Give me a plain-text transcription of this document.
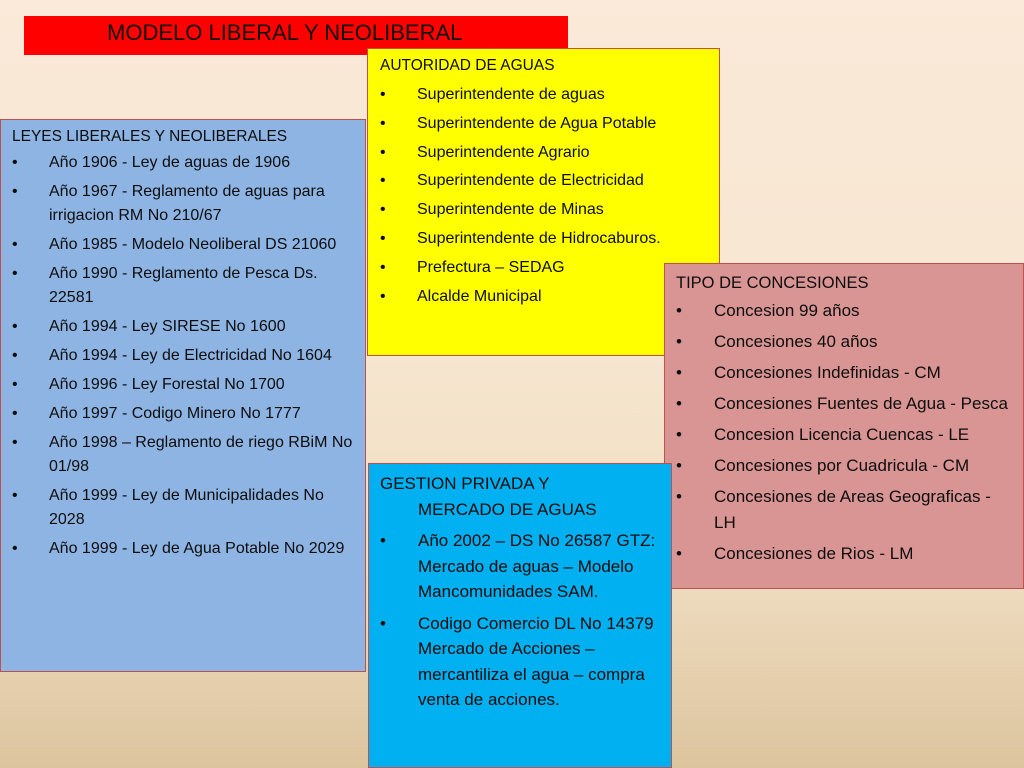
MODELO LIBERAL Y NEOLIBERAL
AUTORIDAD DE AGUAS
• Superintendente de aguas
• Superintendente de Agua Potable
• Superintendente Agrario
• Superintendente de Electricidad
• Superintendente de Minas
• Superintendente de Hidrocaburos.
• Prefectura – SEDAG
• Alcalde Municipal
LEYES LIBERALES Y NEOLIBERALES
• Año 1906 - Ley de aguas de 1906
• Año 1967 - Reglamento de aguas para irrigacion RM No 210/67
• Año 1985 - Modelo Neoliberal DS 21060
• Año 1990 - Reglamento de Pesca Ds. 22581
• Año 1994 - Ley SIRESE No 1600
• Año 1994 - Ley de Electricidad No 1604
• Año 1996 - Ley Forestal No 1700
• Año 1997 - Codigo Minero No 1777
• Año 1998 – Reglamento de riego RBiM No 01/98
• Año 1999 - Ley de Municipalidades No 2028
• Año 1999 - Ley de Agua Potable No 2029
TIPO DE CONCESIONES
• Concesion 99 años
• Concesiones 40 años
• Concesiones Indefinidas - CM
• Concesiones Fuentes de Agua - Pesca
• Concesion Licencia Cuencas - LE
• Concesiones por Cuadricula - CM
• Concesiones de Areas Geograficas - LH
• Concesiones de Rios - LM
GESTION PRIVADA Y
MERCADO DE AGUAS
• Año 2002 – DS No 26587 GTZ: Mercado de aguas – Modelo Mancomunidades SAM.
• Codigo Comercio DL No 14379 Mercado de Acciones – mercantiliza el agua – compra venta de acciones.
